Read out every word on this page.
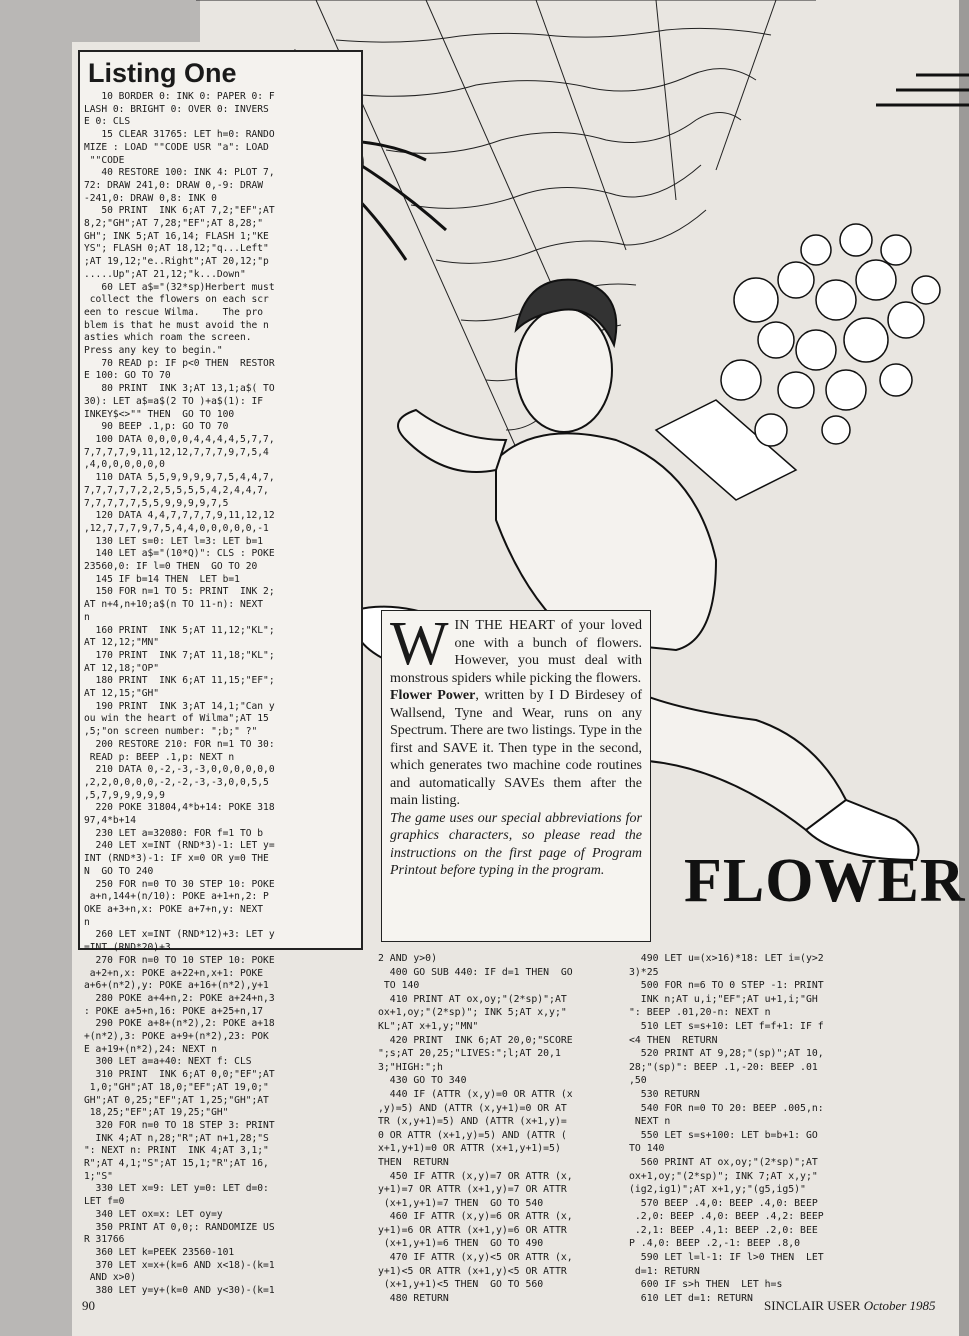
Listing One
10 BORDER 0: INK 0: PAPER 0: F
LASH 0: BRIGHT 0: OVER 0: INVERS
E 0: CLS
15 CLEAR 31765: LET h=0: RANDO
MIZE : LOAD ""CODE USR "a": LOAD
""CODE
40 RESTORE 100: INK 4: PLOT 7,
72: DRAW 241,0: DRAW 0,-9: DRAW
-241,0: DRAW 0,8: INK 0
50 PRINT  INK 6;AT 7,2;"EF";AT
8,2;"GH";AT 7,28;"EF";AT 8,28;"
GH"; INK 5;AT 16,14; FLASH 1;"KE
YS"; FLASH 0;AT 18,12;"q...Left"
;AT 19,12;"e..Right";AT 20,12;"p
.....Up";AT 21,12;"k...Down"
60 LET a$="(32*sp)Herbert must
collect the flowers on each scr
een to rescue Wilma.    The pro
blem is that he must avoid the n
asties which roam the screen.
Press any key to begin."
70 READ p: IF p<0 THEN  RESTOR
E 100: GO TO 70
80 PRINT  INK 3;AT 13,1;a$( TO
30): LET a$=a$(2 TO )+a$(1): IF
INKEY$<>"" THEN  GO TO 100
90 BEEP .1,p: GO TO 70
100 DATA 0,0,0,0,4,4,4,4,5,7,7,
7,7,7,7,9,11,12,12,7,7,7,9,7,5,4
,4,0,0,0,0,0,0
110 DATA 5,5,9,9,9,9,7,5,4,4,7,
7,7,7,7,7,2,2,5,5,5,5,4,2,4,4,7,
7,7,7,7,7,5,5,9,9,9,9,7,5
120 DATA 4,4,7,7,7,7,9,11,12,12
,12,7,7,7,9,7,5,4,4,0,0,0,0,0,-1
130 LET s=0: LET l=3: LET b=1
140 LET a$="(10*Q)": CLS : POKE
23560,0: IF l=0 THEN  GO TO 20
145 IF b=14 THEN  LET b=1
150 FOR n=1 TO 5: PRINT  INK 2;
AT n+4,n+10;a$(n TO 11-n): NEXT
n
160 PRINT  INK 5;AT 11,12;"KL";
AT 12,12;"MN"
170 PRINT  INK 7;AT 11,18;"KL";
AT 12,18;"OP"
180 PRINT  INK 6;AT 11,15;"EF";
AT 12,15;"GH"
190 PRINT  INK 3;AT 14,1;"Can y
ou win the heart of Wilma";AT 15
,5;"on screen number: ";b;" ?"
200 RESTORE 210: FOR n=1 TO 30:
READ p: BEEP .1,p: NEXT n
210 DATA 0,-2,-3,-3,0,0,0,0,0,0
,2,2,0,0,0,0,-2,-2,-3,-3,0,0,5,5
,5,7,9,9,9,9,9
220 POKE 31804,4*b+14: POKE 318
97,4*b+14
230 LET a=32080: FOR f=1 TO b
240 LET x=INT (RND*3)-1: LET y=
INT (RND*3)-1: IF x=0 OR y=0 THE
N  GO TO 240
250 FOR n=0 TO 30 STEP 10: POKE
a+n,144+(n/10): POKE a+1+n,2: P
OKE a+3+n,x: POKE a+7+n,y: NEXT
n
260 LET x=INT (RND*12)+3: LET y
=INT (RND*20)+3
270 FOR n=0 TO 10 STEP 10: POKE
a+2+n,x: POKE a+22+n,x+1: POKE
a+6+(n*2),y: POKE a+16+(n*2),y+1
280 POKE a+4+n,2: POKE a+24+n,3
: POKE a+5+n,16: POKE a+25+n,17
290 POKE a+8+(n*2),2: POKE a+18
+(n*2),3: POKE a+9+(n*2),23: POK
E a+19+(n*2),24: NEXT n
300 LET a=a+40: NEXT f: CLS
310 PRINT  INK 6;AT 0,0;"EF";AT
1,0;"GH";AT 18,0;"EF";AT 19,0;"
GH";AT 0,25;"EF";AT 1,25;"GH";AT
18,25;"EF";AT 19,25;"GH"
320 FOR n=0 TO 18 STEP 3: PRINT
INK 4;AT n,28;"R";AT n+1,28;"S
": NEXT n: PRINT  INK 4;AT 3,1;"
R";AT 4,1;"S";AT 15,1;"R";AT 16,
1;"S"
330 LET x=9: LET y=0: LET d=0:
LET f=0
340 LET ox=x: LET oy=y
350 PRINT AT 0,0;: RANDOMIZE US
R 31766
360 LET k=PEEK 23560-101
370 LET x=x+(k=6 AND x<18)-(k=1
AND x>0)
380 LET y=y+(k=0 AND y<30)-(k=1
2 AND y>0)
400 GO SUB 440: IF d=1 THEN  GO
TO 140
410 PRINT AT ox,oy;"(2*sp)";AT
ox+1,oy;"(2*sp)"; INK 5;AT x,y;"
KL";AT x+1,y;"MN"
420 PRINT  INK 6;AT 20,0;"SCORE
";s;AT 20,25;"LIVES:";l;AT 20,1
3;"HIGH:";h
430 GO TO 340
440 IF (ATTR (x,y)=0 OR ATTR (x
,y)=5) AND (ATTR (x,y+1)=0 OR AT
TR (x,y+1)=5) AND (ATTR (x+1,y)=
0 OR ATTR (x+1,y)=5) AND (ATTR (
x+1,y+1)=0 OR ATTR (x+1,y+1)=5)
THEN  RETURN
450 IF ATTR (x,y)=7 OR ATTR (x,
y+1)=7 OR ATTR (x+1,y)=7 OR ATTR
(x+1,y+1)=7 THEN  GO TO 540
460 IF ATTR (x,y)=6 OR ATTR (x,
y+1)=6 OR ATTR (x+1,y)=6 OR ATTR
(x+1,y+1)=6 THEN  GO TO 490
470 IF ATTR (x,y)<5 OR ATTR (x,
y+1)<5 OR ATTR (x+1,y)<5 OR ATTR
(x+1,y+1)<5 THEN  GO TO 560
480 RETURN
490 LET u=(x>16)*18: LET i=(y>2
3)*25
500 FOR n=6 TO 0 STEP -1: PRINT
INK n;AT u,i;"EF";AT u+1,i;"GH
": BEEP .01,20-n: NEXT n
510 LET s=s+10: LET f=f+1: IF f
<4 THEN  RETURN
520 PRINT AT 9,28;"(sp)";AT 10,
28;"(sp)": BEEP .1,-20: BEEP .01
,50
530 RETURN
540 FOR n=0 TO 20: BEEP .005,n:
NEXT n
550 LET s=s+100: LET b=b+1: GO
TO 140
560 PRINT AT ox,oy;"(2*sp)";AT
ox+1,oy;"(2*sp)"; INK 7;AT x,y;"
(ig2,ig1)";AT x+1,y;"(g5,ig5)"
570 BEEP .4,0: BEEP .4,0: BEEP
.2,0: BEEP .4,0: BEEP .4,2: BEEP
.2,1: BEEP .4,1: BEEP .2,0: BEE
P .4,0: BEEP .2,-1: BEEP .8,0
590 LET l=l-1: IF l>0 THEN  LET
d=1: RETURN
600 IF s>h THEN  LET h=s
610 LET d=1: RETURN
W IN THE HEART of your loved one with a bunch of flowers. However, you must deal with monstrous spiders while picking the flowers.

Flower Power, written by I D Birdesey of Wallsend, Tyne and Wear, runs on any Spectrum. There are two listings. Type in the first and SAVE it. Then type in the second, which generates two machine code routines and automatically SAVEs them after the main listing.

The game uses our special abbreviations for graphics characters, so please read the instructions on the first page of Program Printout before typing in the program.	FLOWER
90	SINCLAIR USER October 1985
